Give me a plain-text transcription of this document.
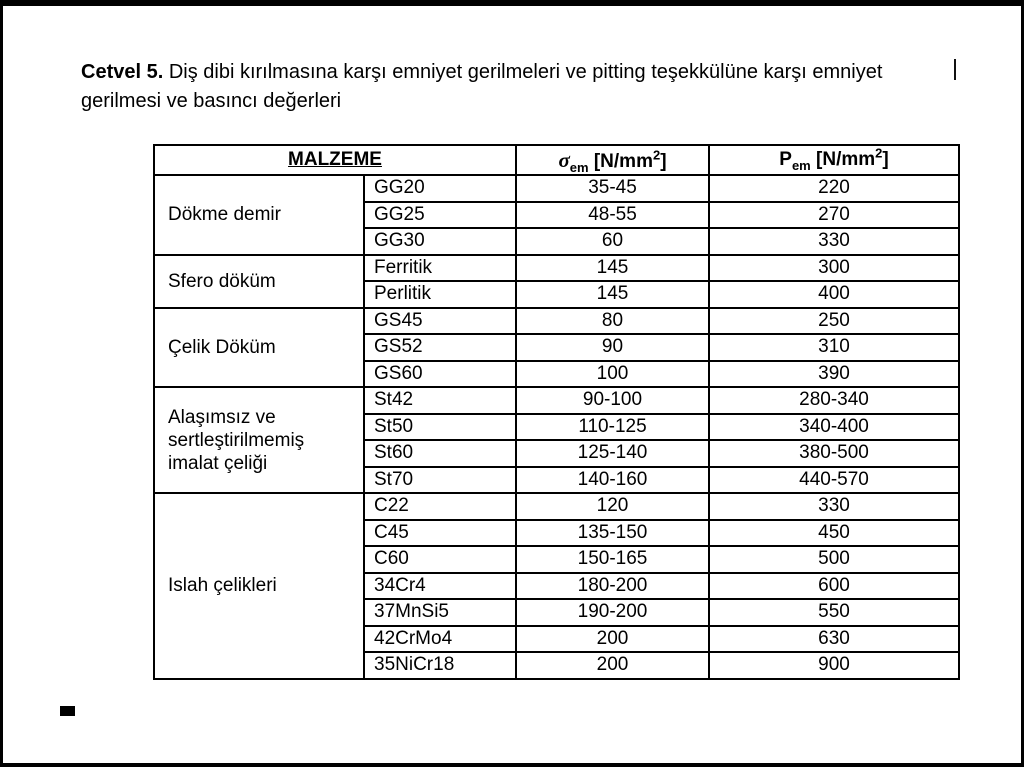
Cetvel 5. Diş dibi kırılmasına karşı emniyet gerilmeleri ve pitting teşekkülüne karşı emniyet gerilmesi ve basıncı değerleri
MALZEME		$\sigma_{em}$ $[N/mm^2]$	$P_{em}$ $[N/mm^2]$
Dökme demir	GG20	35-45	220
	GG25	48-55	270
	GG30	60	330
Sfero döküm	Ferritik	145	300
	Perlitik	145	400
Çelik Döküm	GS45	80	250
	GS52	90	310
	GS60	100	390
Alaşımsız ve sertleştirilmemiş imalat çeliği	St42	90-100	280-340
	St50	110-125	340-400
	St60	125-140	380-500
	St70	140-160	440-570
Islah çelikleri	C22	120	330
	C45	135-150	450
	C60	150-165	500
	34Cr4	180-200	600
	37MnSi5	190-200	550
	42CrMo4	200	630
	35NiCr18	200	900
